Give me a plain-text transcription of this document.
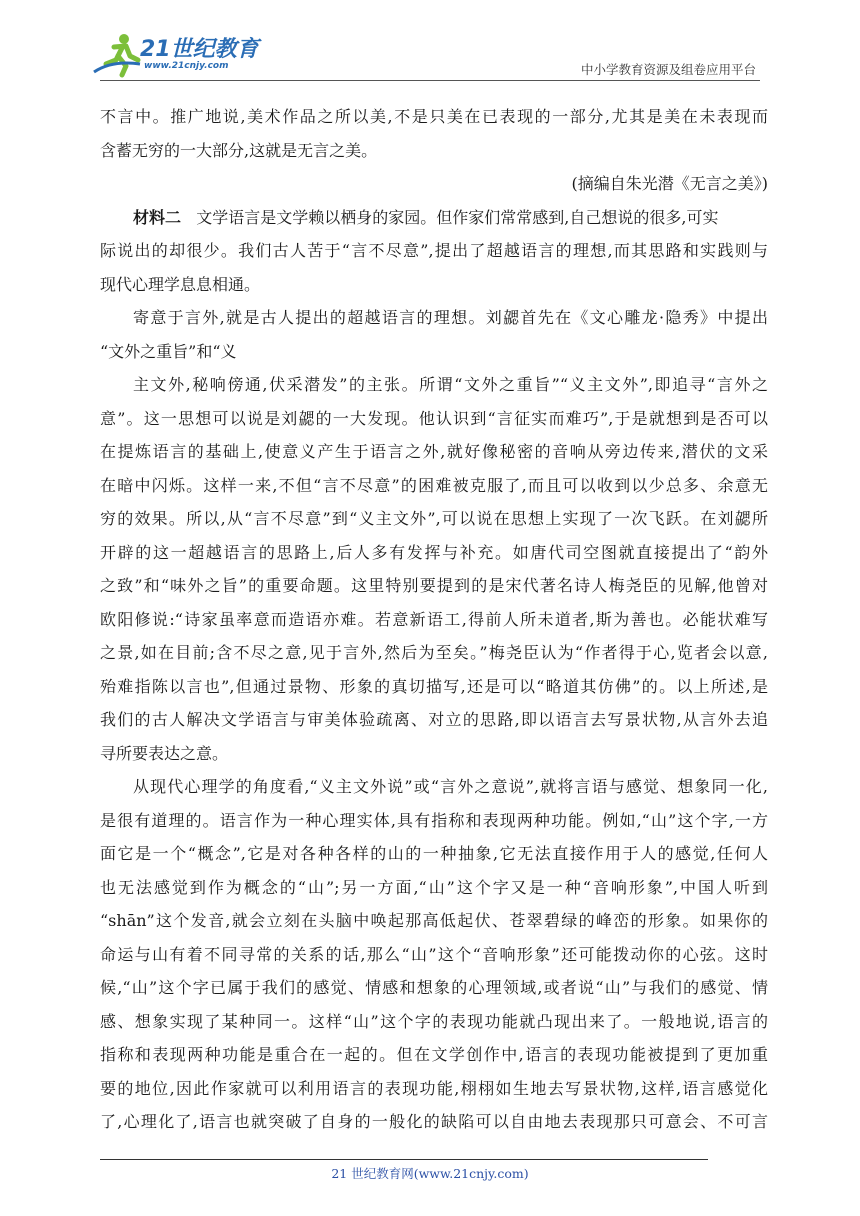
21世纪教育
www.21cnjy.com	中小学教育资源及组卷应用平台

不言中。推广地说,美术作品之所以美,不是只美在已表现的一部分,尤其是美在未表现而

含蓄无穷的一大部分,这就是无言之美。

(摘编自朱光潜《无言之美》)

材料二 文学语言是文学赖以栖身的家园。但作家们常常感到,自己想说的很多,可实

际说出的却很少。我们古人苦于“言不尽意”,提出了超越语言的理想,而其思路和实践则与

现代心理学息息相通。

寄意于言外,就是古人提出的超越语言的理想。刘勰首先在《文心雕龙·隐秀》中提出

“文外之重旨”和“义

主文外,秘响傍通,伏采潜发”的主张。所谓“文外之重旨”“义主文外”,即追寻“言外之

意”。这一思想可以说是刘勰的一大发现。他认识到“言征实而难巧”,于是就想到是否可以

在提炼语言的基础上,使意义产生于语言之外,就好像秘密的音响从旁边传来,潜伏的文采

在暗中闪烁。这样一来,不但“言不尽意”的困难被克服了,而且可以收到以少总多、余意无

穷的效果。所以,从“言不尽意”到“义主文外”,可以说在思想上实现了一次飞跃。在刘勰所

开辟的这一超越语言的思路上,后人多有发挥与补充。如唐代司空图就直接提出了“韵外

之致”和“味外之旨”的重要命题。这里特别要提到的是宋代著名诗人梅尧臣的见解,他曾对

欧阳修说:“诗家虽率意而造语亦难。若意新语工,得前人所未道者,斯为善也。必能状难写

之景,如在目前;含不尽之意,见于言外,然后为至矣。”梅尧臣认为“作者得于心,览者会以意,

殆难指陈以言也”,但通过景物、形象的真切描写,还是可以“略道其仿佛”的。以上所述,是

我们的古人解决文学语言与审美体验疏离、对立的思路,即以语言去写景状物,从言外去追

寻所要表达之意。

从现代心理学的角度看,“义主文外说”或“言外之意说”,就将言语与感觉、想象同一化,

是很有道理的。语言作为一种心理实体,具有指称和表现两种功能。例如,“山”这个字,一方

面它是一个“概念”,它是对各种各样的山的一种抽象,它无法直接作用于人的感觉,任何人

也无法感觉到作为概念的“山”;另一方面,“山”这个字又是一种“音响形象”,中国人听到

“shān”这个发音,就会立刻在头脑中唤起那高低起伏、苍翠碧绿的峰峦的形象。如果你的

命运与山有着不同寻常的关系的话,那么“山”这个“音响形象”还可能拨动你的心弦。这时

候,“山”这个字已属于我们的感觉、情感和想象的心理领域,或者说“山”与我们的感觉、情

感、想象实现了某种同一。这样“山”这个字的表现功能就凸现出来了。一般地说,语言的

指称和表现两种功能是重合在一起的。但在文学创作中,语言的表现功能被提到了更加重

要的地位,因此作家就可以利用语言的表现功能,栩栩如生地去写景状物,这样,语言感觉化

了,心理化了,语言也就突破了自身的一般化的缺陷可以自由地去表现那只可意会、不可言

21 世纪教育网(www.21cnjy.com)
